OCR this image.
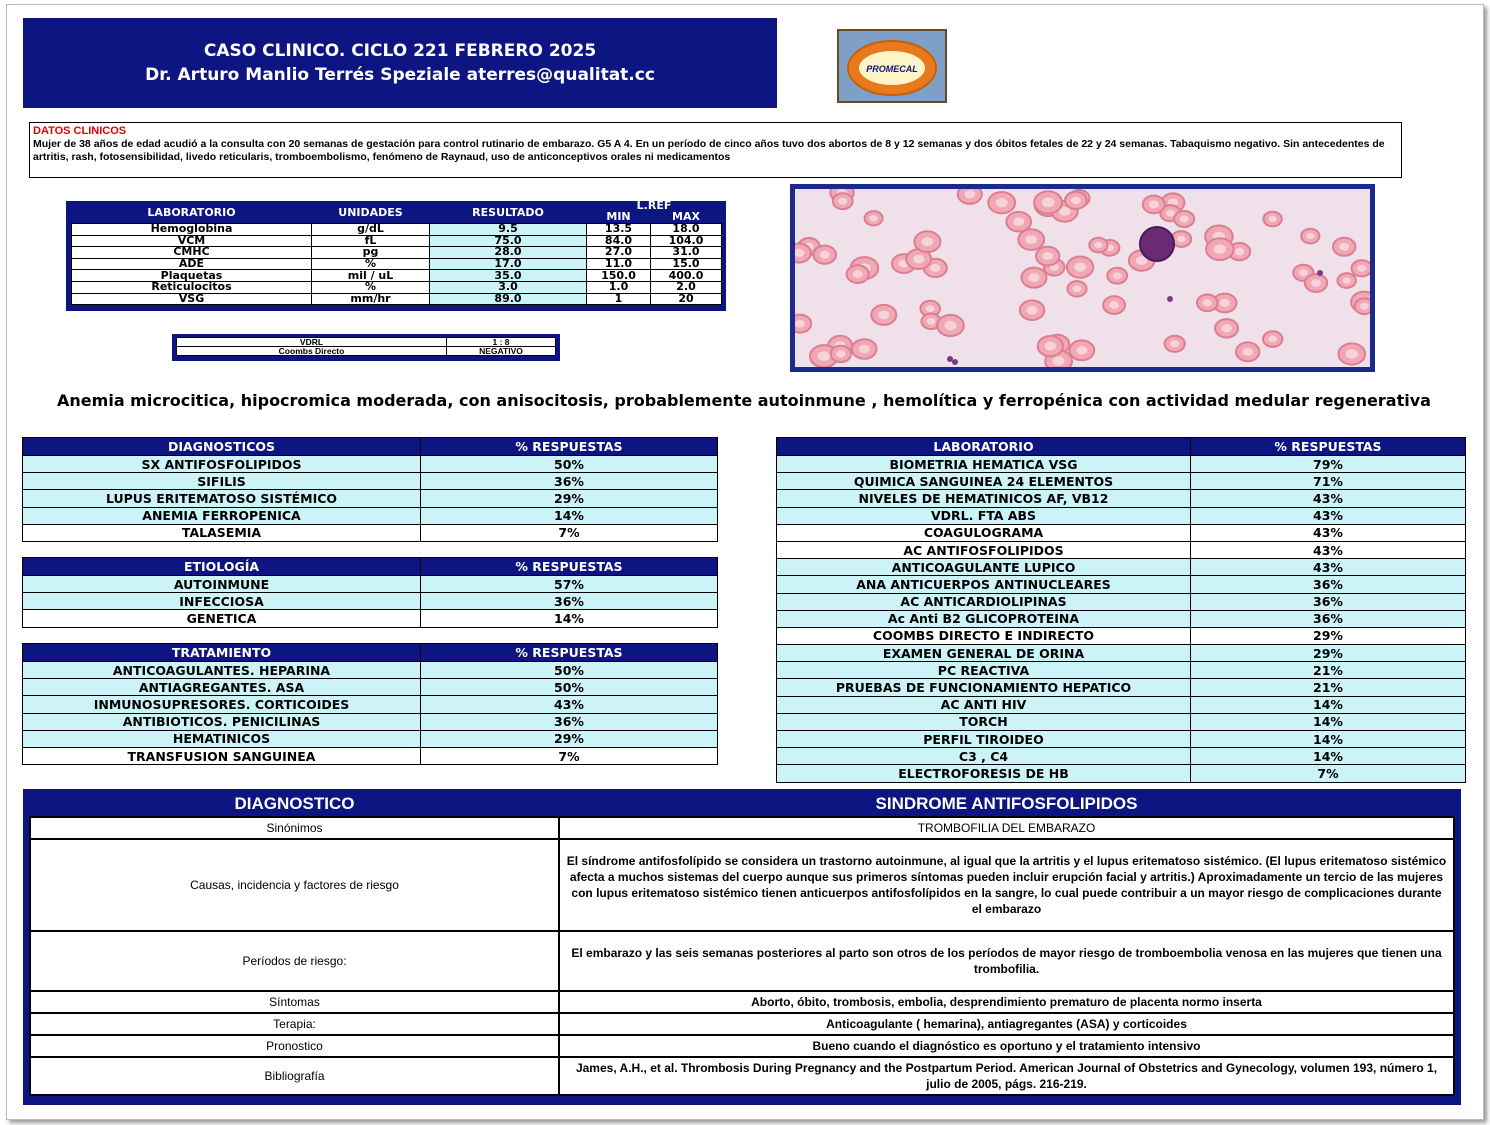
CASO CLINICO. CICLO 221 FEBRERO 2025
Dr. Arturo Manlio Terrés Speziale aterres@qualitat.cc	PROMECAL
DATOS CLINICOS
Mujer de 38 años de edad acudió a la consulta con 20 semanas de gestación para control rutinario de embarazo. G5 A 4. En un período de cinco años tuvo dos abortos de 8 y 12 semanas y dos óbitos fetales de 22 y 24 semanas. Tabaquismo negativo. Sin antecedentes de artritis, rash, fotosensibilidad, livedo reticularis, tromboembolismo, fenómeno de Raynaud, uso de anticonceptivos orales ni medicamentos
LABORATORIO	UNIDADES	RESULTADO	L.REF	
			MIN	MAX
Hemoglobina	g/dL	9.5	13.5	18.0
VCM	fL	75.0	84.0	104.0
CMHC	pg	28.0	27.0	31.0
ADE	%	17.0	11.0	15.0
Plaquetas	mil / uL	35.0	150.0	400.0
Reticulocitos	%	3.0	1.0	2.0
VSG	mm/hr	89.0	1	20
VDRL	1 : 8
Coombs Directo	NEGATIVO
Anemia microcitica, hipocromica moderada, con anisocitosis, probablemente autoinmune , hemolítica y ferropénica con actividad medular regenerativa
DIAGNOSTICOS	% RESPUESTAS
SX ANTIFOSFOLIPIDOS	50%
SIFILIS	36%
LUPUS ERITEMATOSO SISTÉMICO	29%
ANEMIA FERROPENICA	14%
TALASEMIA	7%
ETIOLOGÍA	% RESPUESTAS
AUTOINMUNE	57%
INFECCIOSA	36%
GENETICA	14%
TRATAMIENTO	% RESPUESTAS
ANTICOAGULANTES. HEPARINA	50%
ANTIAGREGANTES. ASA	50%
INMUNOSUPRESORES. CORTICOIDES	43%
ANTIBIOTICOS. PENICILINAS	36%
HEMATINICOS	29%
TRANSFUSION SANGUINEA	7%
LABORATORIO	% RESPUESTAS
BIOMETRIA HEMATICA VSG	79%
QUIMICA SANGUINEA 24 ELEMENTOS	71%
NIVELES DE HEMATINICOS AF, VB12	43%
VDRL. FTA ABS	43%
COAGULOGRAMA	43%
AC ANTIFOSFOLIPIDOS	43%
ANTICOAGULANTE LUPICO	43%
ANA ANTICUERPOS ANTINUCLEARES	36%
AC ANTICARDIOLIPINAS	36%
Ac Anti B2 GLICOPROTEINA	36%
COOMBS DIRECTO E INDIRECTO	29%
EXAMEN GENERAL DE ORINA	29%
PC REACTIVA	21%
PRUEBAS DE FUNCIONAMIENTO HEPATICO	21%
AC ANTI HIV	14%
TORCH	14%
PERFIL TIROIDEO	14%
C3 , C4	14%
ELECTROFORESIS DE HB	7%
DIAGNOSTICO	SINDROME ANTIFOSFOLIPIDOS
Sinónimos	TROMBOFILIA DEL EMBARAZO
Causas, incidencia y factores de riesgo	El síndrome antifosfolípido se considera un trastorno autoinmune, al igual que la artritis y el lupus eritematoso sistémico. (El lupus eritematoso sistémico afecta a muchos sistemas del cuerpo aunque sus primeros síntomas pueden incluir erupción facial y artritis.) Aproximadamente un tercio de las mujeres con lupus eritematoso sistémico tienen anticuerpos antifosfolípidos en la sangre, lo cual puede contribuir a un mayor riesgo de complicaciones durante el embarazo
Períodos de riesgo:	El embarazo y las seis semanas posteriores al parto son otros de los períodos de mayor riesgo de tromboembolia venosa en las mujeres que tienen una trombofilia.
Síntomas	Aborto, óbito, trombosis, embolia, desprendimiento prematuro de placenta normo inserta
Terapia:	Anticoagulante ( hemarina), antiagregantes (ASA) y corticoides
Pronostico	Bueno cuando el diagnóstico es oportuno y el tratamiento intensivo
Bibliografía	James, A.H., et al. Thrombosis During Pregnancy and the Postpartum Period. American Journal of Obstetrics and Gynecology, volumen 193, número 1, julio de 2005, págs. 216-219.
